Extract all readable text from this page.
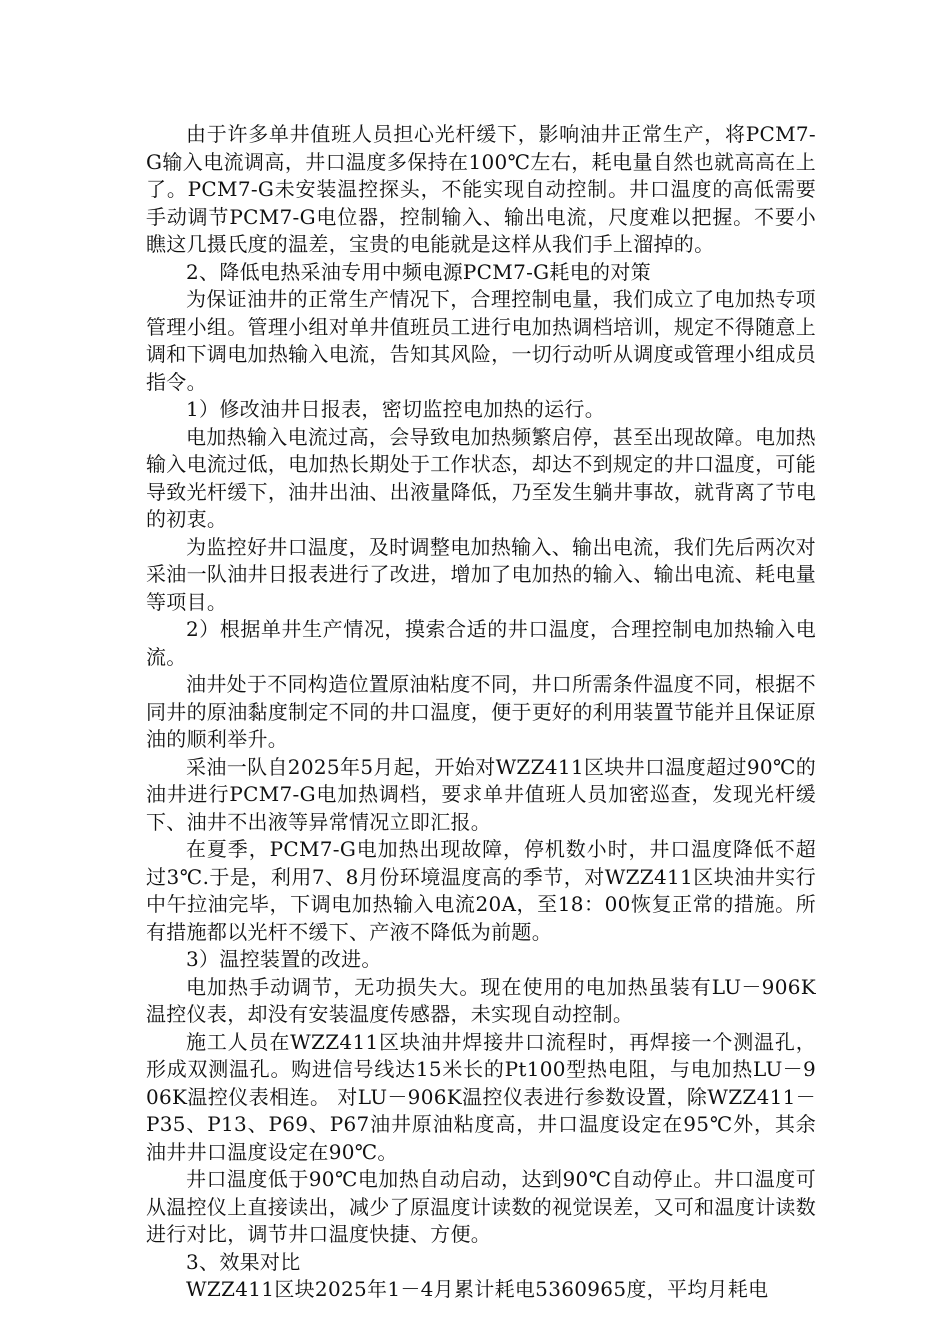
由于许多单井值班人员担心光杆缓下，影响油井正常生产，将PCM7-G输入电流调高，井口温度多保持在100℃左右，耗电量自然也就高高在上了。PCM7-G未安装温控探头，不能实现自动控制。井口温度的高低需要手动调节PCM7-G电位器，控制输入、输出电流，尺度难以把握。不要小瞧这几摄氏度的温差，宝贵的电能就是这样从我们手上溜掉的。

2、降低电热采油专用中频电源PCM7-G耗电的对策

为保证油井的正常生产情况下，合理控制电量，我们成立了电加热专项管理小组。管理小组对单井值班员工进行电加热调档培训，规定不得随意上调和下调电加热输入电流，告知其风险，一切行动听从调度或管理小组成员指令。

1）修改油井日报表，密切监控电加热的运行。

电加热输入电流过高，会导致电加热频繁启停，甚至出现故障。电加热输入电流过低，电加热长期处于工作状态，却达不到规定的井口温度，可能导致光杆缓下，油井出油、出液量降低，乃至发生躺井事故，就背离了节电的初衷。

为监控好井口温度，及时调整电加热输入、输出电流，我们先后两次对采油一队油井日报表进行了改进，增加了电加热的输入、输出电流、耗电量等项目。

2）根据单井生产情况，摸索合适的井口温度，合理控制电加热输入电流。

油井处于不同构造位置原油粘度不同，井口所需条件温度不同，根据不同井的原油黏度制定不同的井口温度，便于更好的利用装置节能并且保证原油的顺利举升。

采油一队自2025年5月起，开始对WZZ411区块井口温度超过90℃的油井进行PCM7-G电加热调档，要求单井值班人员加密巡查，发现光杆缓下、油井不出液等异常情况立即汇报。

在夏季，PCM7-G电加热出现故障，停机数小时，井口温度降低不超过3℃.于是，利用7、8月份环境温度高的季节，对WZZ411区块油井实行中午拉油完毕，下调电加热输入电流20A，至18：00恢复正常的措施。所有措施都以光杆不缓下、产液不降低为前题。

3）温控装置的改进。

电加热手动调节，无功损失大。现在使用的电加热虽装有LU－906K温控仪表，却没有安装温度传感器，未实现自动控制。

施工人员在WZZ411区块油井焊接井口流程时，再焊接一个测温孔，形成双测温孔。购进信号线达15米长的Pt100型热电阻，与电加热LU－906K温控仪表相连。 对LU－906K温控仪表进行参数设置，除WZZ411－P35、P13、P69、P67油井原油粘度高，井口温度设定在95℃外，其余油井井口温度设定在90℃。

井口温度低于90℃电加热自动启动，达到90℃自动停止。井口温度可从温控仪上直接读出，减少了原温度计读数的视觉误差，又可和温度计读数进行对比，调节井口温度快捷、方便。

3、效果对比

WZZ411区块2025年1－4月累计耗电5360965度，平均月耗电
